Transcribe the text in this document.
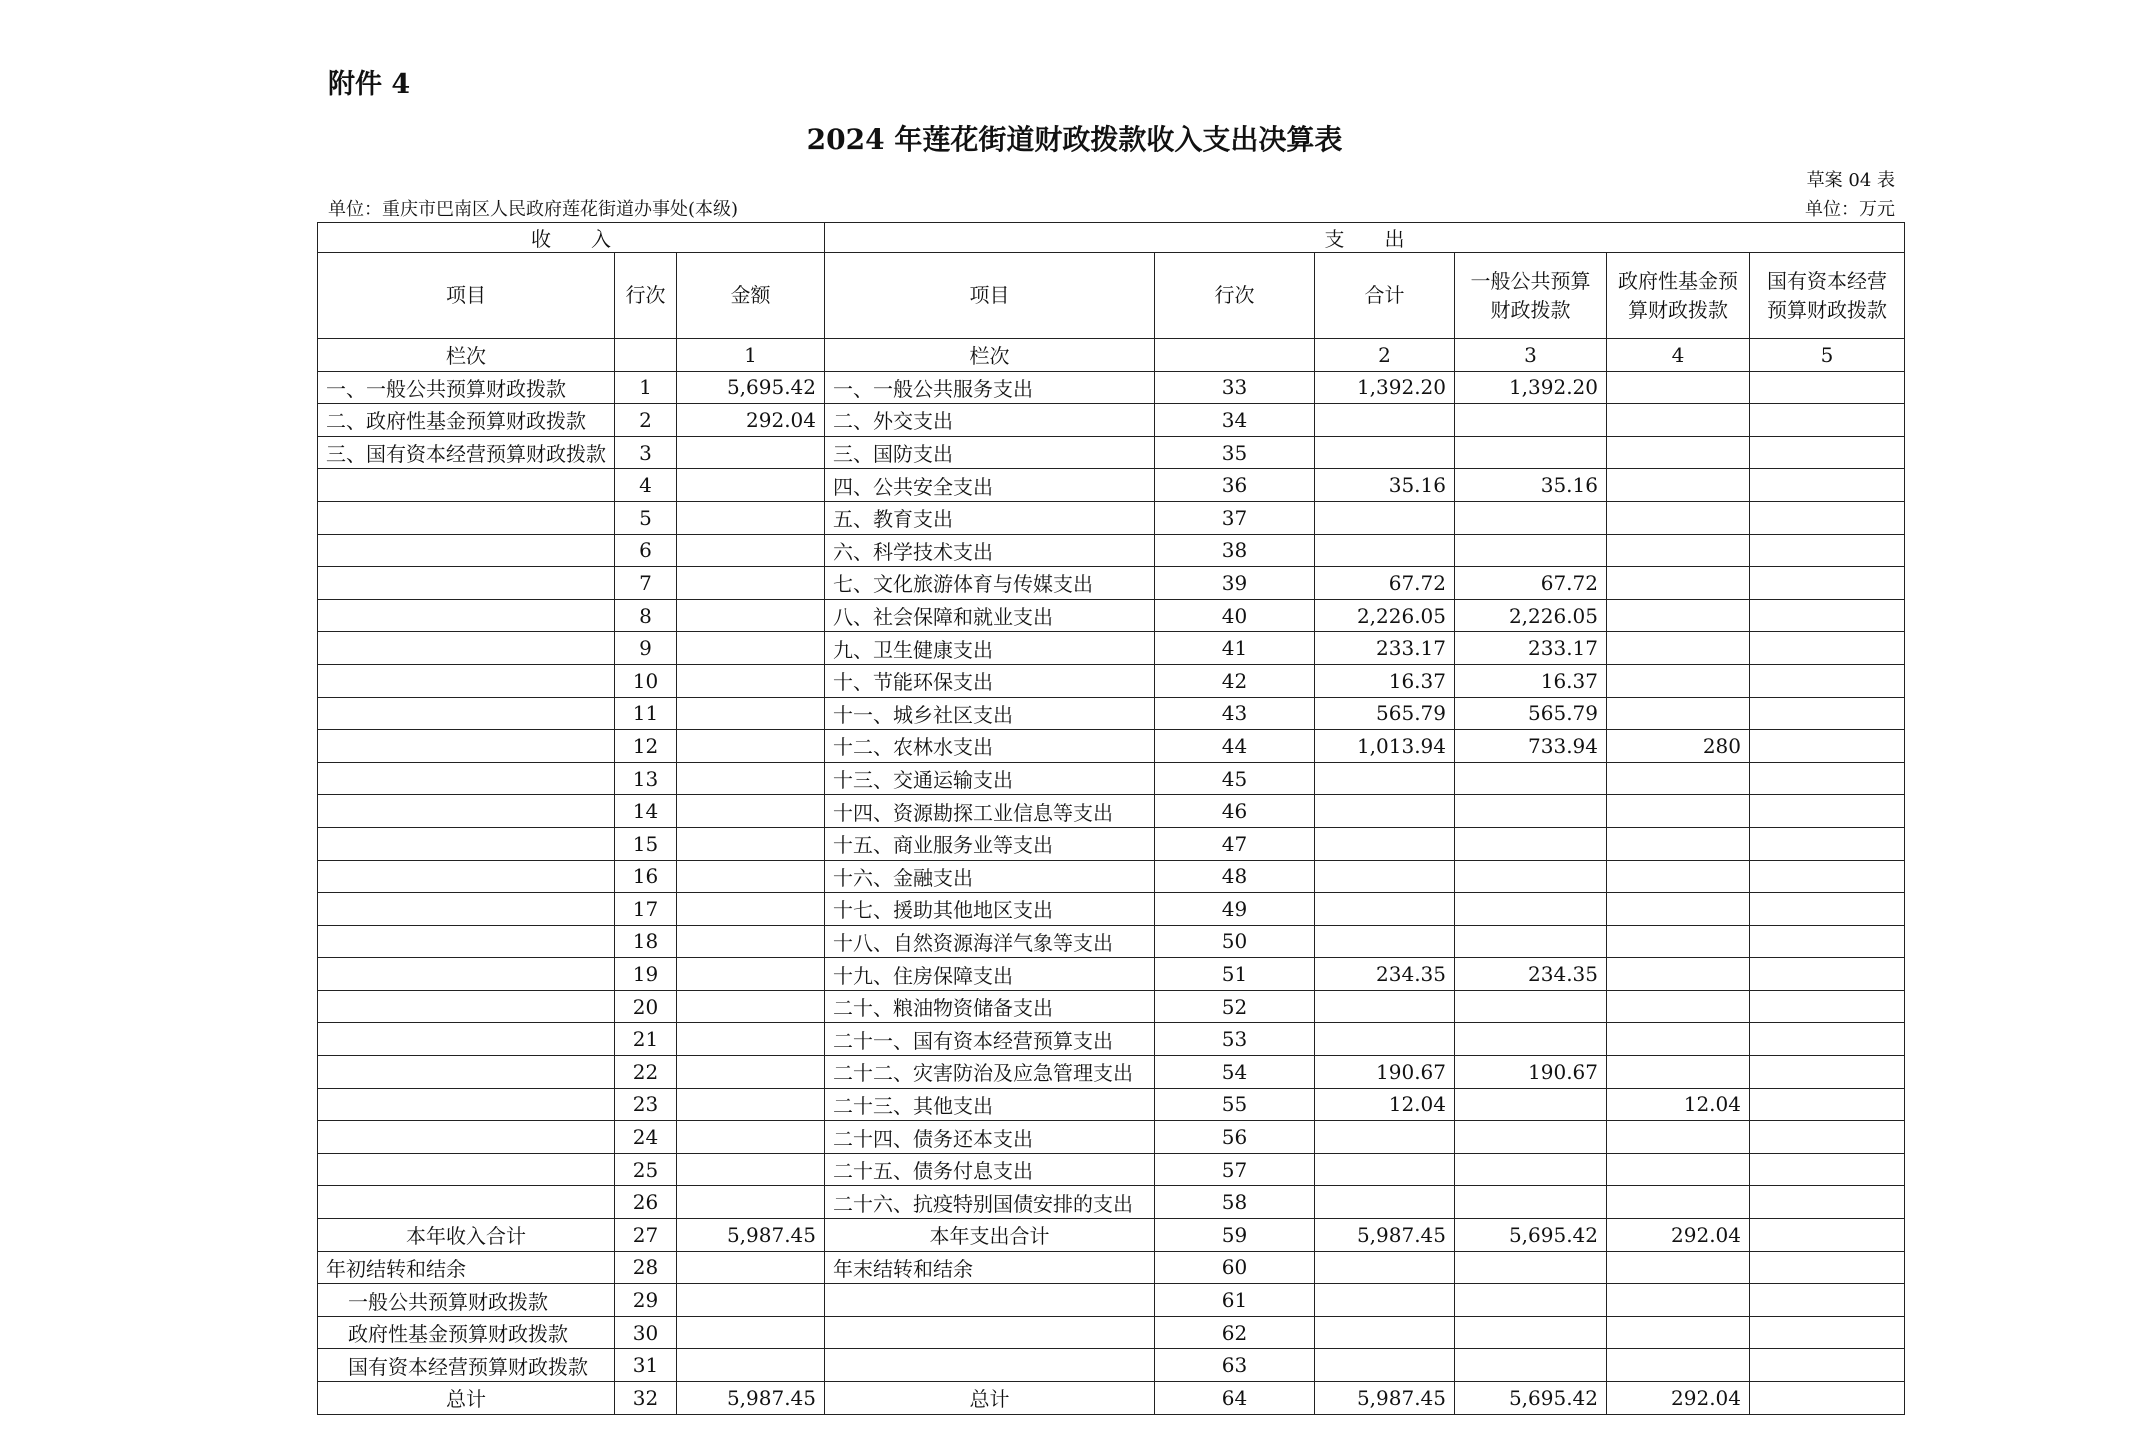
附件 4
2024 年莲花街道财政拨款收入支出决算表
草案 04 表
单位：重庆市巴南区人民政府莲花街道办事处(本级)	单位：万元
收　　入			支　　出					
项目	行次	金额	项目	行次	合计	一般公共预算财政拨款	政府性基金预算财政拨款	国有资本经营预算财政拨款
栏次		1	栏次		2	3	4	5
一、一般公共预算财政拨款	1	5,695.42	一、一般公共服务支出	33	1,392.20	1,392.20		
二、政府性基金预算财政拨款	2	292.04	二、外交支出	34				
三、国有资本经营预算财政拨款	3		三、国防支出	35				
	4		四、公共安全支出	36	35.16	35.16		
	5		五、教育支出	37				
	6		六、科学技术支出	38				
	7		七、文化旅游体育与传媒支出	39	67.72	67.72		
	8		八、社会保障和就业支出	40	2,226.05	2,226.05		
	9		九、卫生健康支出	41	233.17	233.17		
	10		十、节能环保支出	42	16.37	16.37		
	11		十一、城乡社区支出	43	565.79	565.79		
	12		十二、农林水支出	44	1,013.94	733.94	280	
	13		十三、交通运输支出	45				
	14		十四、资源勘探工业信息等支出	46				
	15		十五、商业服务业等支出	47				
	16		十六、金融支出	48				
	17		十七、援助其他地区支出	49				
	18		十八、自然资源海洋气象等支出	50				
	19		十九、住房保障支出	51	234.35	234.35		
	20		二十、粮油物资储备支出	52				
	21		二十一、国有资本经营预算支出	53				
	22		二十二、灾害防治及应急管理支出	54	190.67	190.67		
	23		二十三、其他支出	55	12.04		12.04	
	24		二十四、债务还本支出	56				
	25		二十五、债务付息支出	57				
	26		二十六、抗疫特别国债安排的支出	58				
本年收入合计	27	5,987.45	本年支出合计	59	5,987.45	5,695.42	292.04	
年初结转和结余	28		年末结转和结余	60				
一般公共预算财政拨款	29			61				
政府性基金预算财政拨款	30			62				
国有资本经营预算财政拨款	31			63				
总计	32	5,987.45	总计	64	5,987.45	5,695.42	292.04	
